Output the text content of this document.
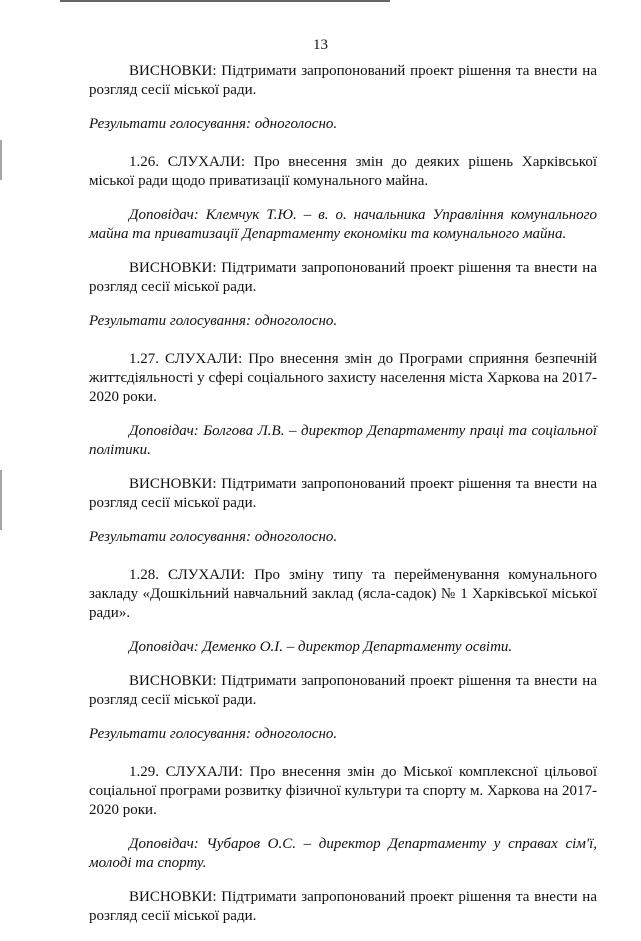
13

ВИСНОВКИ: Підтримати запропонований проект рішення та внести на розгляд сесії міської ради.

Результати голосування: одноголосно.

1.26. СЛУХАЛИ: Про внесення змін до деяких рішень Харківської міської ради щодо приватизації комунального майна.

Доповідач: Клемчук Т.Ю. – в. о. начальника Управління комунального майна та приватизації Департаменту економіки та комунального майна.

ВИСНОВКИ: Підтримати запропонований проект рішення та внести на розгляд сесії міської ради.

Результати голосування: одноголосно.

1.27. СЛУХАЛИ: Про внесення змін до Програми сприяння безпечній життєдіяльності у сфері соціального захисту населення міста Харкова на 2017-2020 роки.

Доповідач: Болгова Л.В. – директор Департаменту праці та соціальної політики.

ВИСНОВКИ: Підтримати запропонований проект рішення та внести на розгляд сесії міської ради.

Результати голосування: одноголосно.

1.28. СЛУХАЛИ: Про зміну типу та перейменування комунального закладу «Дошкільний навчальний заклад (ясла-садок) № 1 Харківської міської ради».

Доповідач: Деменко О.І. – директор Департаменту освіти.

ВИСНОВКИ: Підтримати запропонований проект рішення та внести на розгляд сесії міської ради.

Результати голосування: одноголосно.

1.29. СЛУХАЛИ: Про внесення змін до Міської комплексної цільової соціальної програми розвитку фізичної культури та спорту м. Харкова на 2017-2020 роки.

Доповідач: Чубаров О.С. – директор Департаменту у справах сім'ї, молоді та спорту.

ВИСНОВКИ: Підтримати запропонований проект рішення та внести на розгляд сесії міської ради.
